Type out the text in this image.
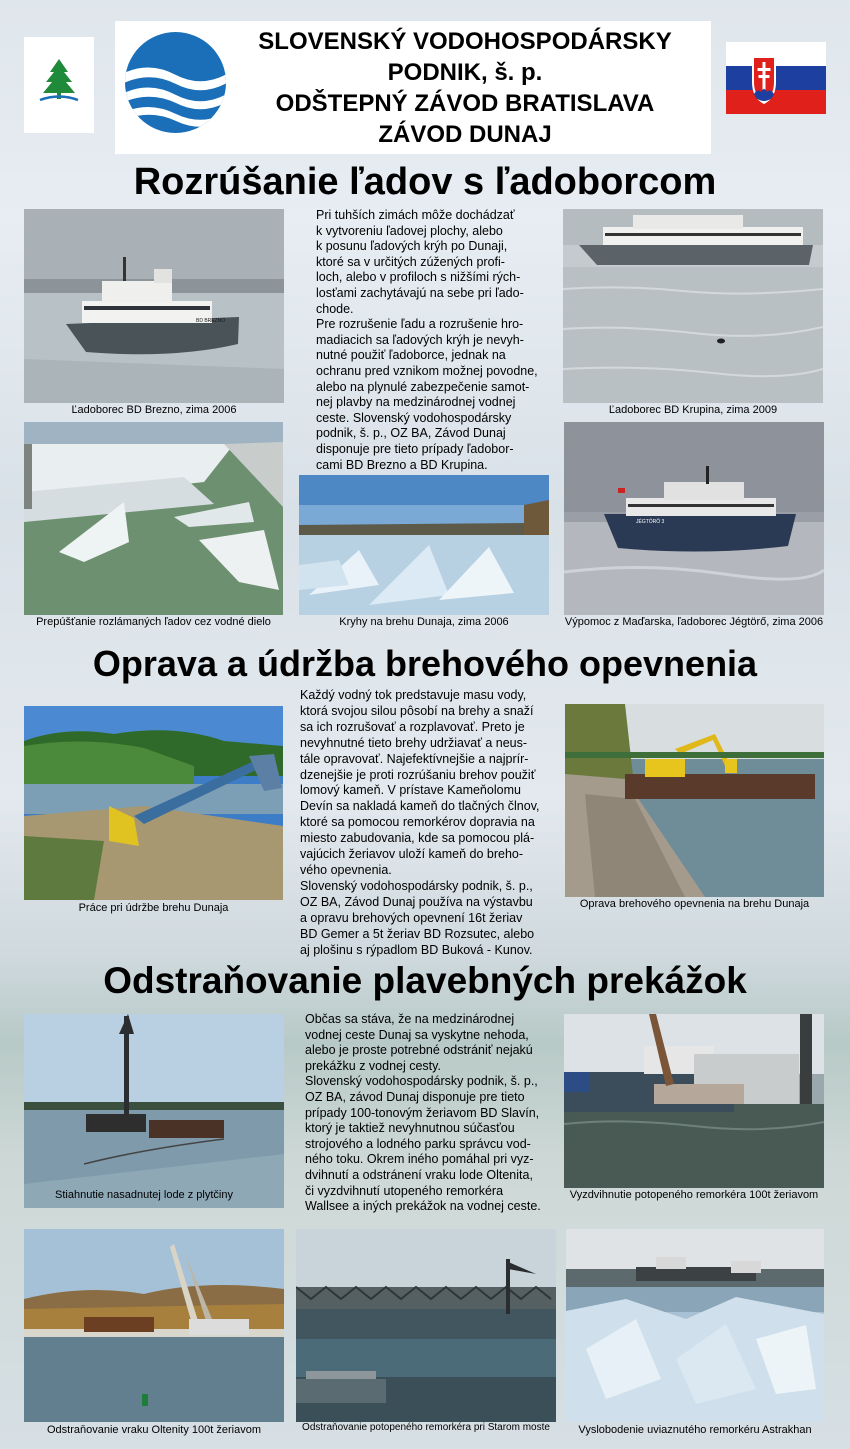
SLOVENSKÝ VODOHOSPODÁRSKY
PODNIK, š. p.
ODŠTEPNÝ ZÁVOD BRATISLAVA
ZÁVOD DUNAJ
Rozrúšanie ľadov s ľadoborcom
BD BREZNO
Ľadoborec BD Brezno, zima 2006
Pri tuhších zimách môže dochádzať
k vytvoreniu ľadovej plochy, alebo
k posunu ľadových krýh po Dunaji,
ktoré sa v určitých zúžených profi-
loch, alebo v profiloch s nižšími rých-
losťami zachytávajú na sebe pri ľado-
chode.
Pre rozrušenie ľadu a rozrušenie hro-
madiacich sa ľadových krýh je nevyh-
nutné použiť ľadoborce, jednak na
ochranu pred vznikom možnej povodne,
alebo na plynulé zabezpečenie samot-
nej plavby na medzinárodnej vodnej
ceste. Slovenský vodohospodársky
podnik, š. p., OZ BA, Závod Dunaj
disponuje pre tieto prípady ľadobor-
cami BD Brezno a BD Krupina.
Ľadoborec BD Krupina, zima 2009
Prepúšťanie rozlámaných ľadov cez vodné dielo	Kryhy na brehu Dunaja, zima 2006
JÉGTÖRŐ 3
Výpomoc z Maďarska, ľadoborec Jégtörő, zima 2006
Oprava a údržba brehového opevnenia
Práce pri údržbe brehu Dunaja
Každý vodný tok predstavuje masu vody,
ktorá svojou silou pôsobí na brehy a snaží
sa ich rozrušovať a rozplavovať. Preto je
nevyhnutné tieto brehy udržiavať a neus-
tále opravovať. Najefektívnejšie a najprír-
dzenejšie je proti rozrúšaniu brehov použiť
lomový kameň. V prístave Kameňolomu
Devín sa nakladá kameň do tlačných člnov,
ktoré sa pomocou remorkérov dopravia na
miesto zabudovania, kde sa pomocou plá-
vajúcich žeriavov uloží kameň do breho-
vého opevnenia.
Slovenský vodohospodársky podnik, š. p.,
OZ BA, Závod Dunaj používa na výstavbu
a opravu brehových opevnení 16t žeriav
BD Gemer a 5t žeriav BD Rozsutec, alebo
aj plošinu s rýpadlom BD Buková - Kunov.
Oprava brehového opevnenia na brehu Dunaja
Odstraňovanie plavebných prekážok
Stiahnutie nasadnutej lode z plytčiny
Občas sa stáva, že na medzinárodnej
vodnej ceste Dunaj sa vyskytne nehoda,
alebo je proste potrebné odstrániť nejakú
prekážku z vodnej cesty.
Slovenský vodohospodársky podnik, š. p.,
OZ BA, závod Dunaj disponuje pre tieto
prípady 100-tonovým žeriavom BD Slavín,
ktorý je taktiež nevyhnutnou súčasťou
strojového a lodného parku správcu vod-
ného toku. Okrem iného pomáhal pri vyz-
dvihnutí a odstránení vraku lode Oltenita,
či vyzdvihnutí utopeného remorkéra
Wallsee a iných prekážok na vodnej ceste.
Vyzdvihnutie potopeného remorkéra 100t žeriavom
Odstraňovanie vraku Oltenity 100t žeriavom	Odstraňovanie potopeného remorkéra pri Starom moste	Vyslobodenie uviaznutého remorkéru Astrakhan
